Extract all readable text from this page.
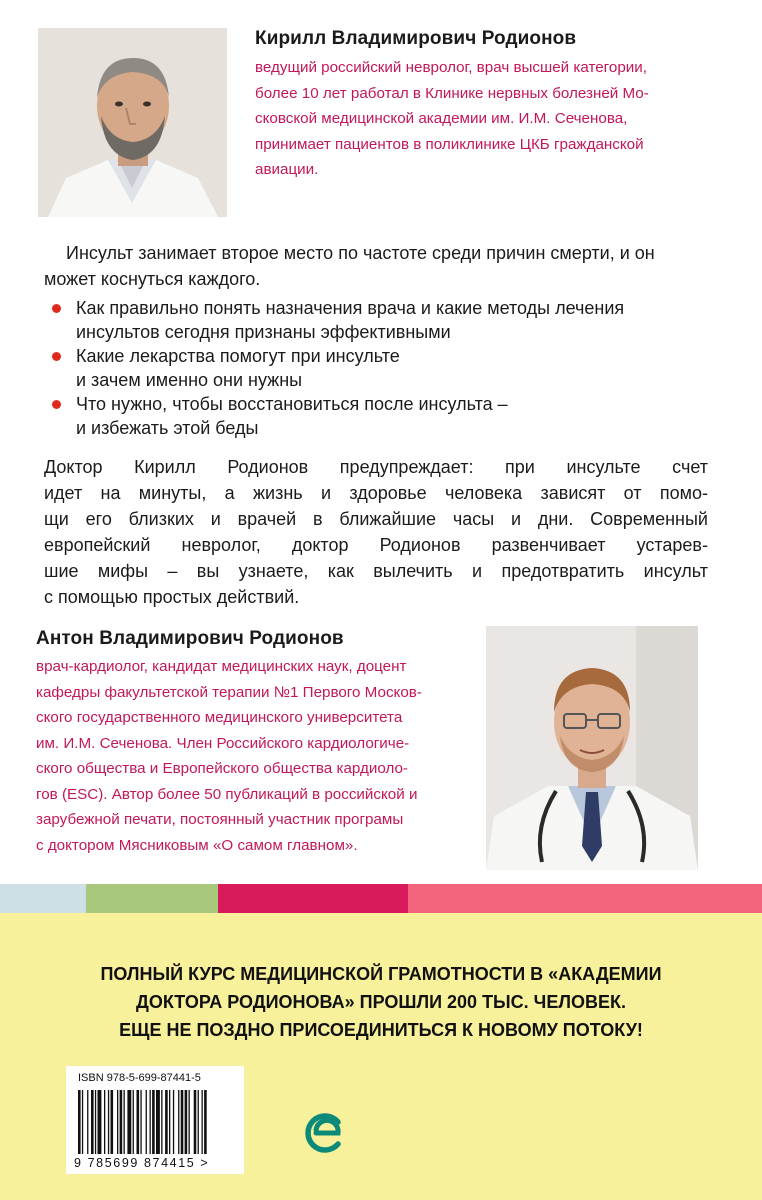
Кирилл Владимирович Родионов
ведущий российский невролог, врач высшей категории,
более 10 лет работал в Клинике нервных болезней Мо-
сковской медицинской академии им. И.М. Сеченова,
принимает пациентов в поликлинике ЦКБ гражданской
авиации.
Инсульт занимает второе место по частоте среди причин смерти, и он
может коснуться каждого.
Как правильно понять назначения врача и какие методы лечения
инсультов сегодня признаны эффективными
Какие лекарства помогут при инсульте
и зачем именно они нужны
Что нужно, чтобы восстановиться после инсульта –
и избежать этой беды
Доктор Кирилл Родионов предупреждает: при инсульте счет
идет на минуты, а жизнь и здоровье человека зависят от помо-
щи его близких и врачей в ближайшие часы и дни. Современный
европейский невролог, доктор Родионов развенчивает устарев-
шие мифы – вы узнаете, как вылечить и предотвратить инсульт
с помощью простых действий.
Антон Владимирович Родионов
врач-кардиолог, кандидат медицинских наук, доцент
кафедры факультетской терапии №1 Первого Москов-
ского государственного медицинского университета
им. И.М. Сеченова. Член Российского кардиологиче-
ского общества и Европейского общества кардиоло-
гов (ESC). Автор более 50 публикаций в российской и
зарубежной печати, постоянный участник програмы
с доктором Мясниковым «О самом главном».
ПОЛНЫЙ КУРС МЕДИЦИНСКОЙ ГРАМОТНОСТИ В «АКАДЕМИИ
ДОКТОРА РОДИОНОВА» ПРОШЛИ 200 ТЫС. ЧЕЛОВЕК.
ЕЩЕ НЕ ПОЗДНО ПРИСОЕДИНИТЬСЯ К НОВОМУ ПОТОКУ!
ISBN 978-5-699-87441-5
9 785699 874415 >
